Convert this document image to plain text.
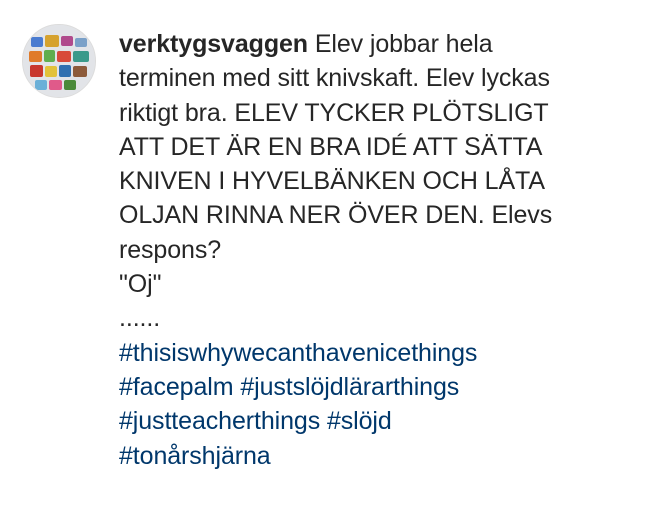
verktygsvaggen Elev jobbar hela
terminen med sitt knivskaft. Elev lyckas
riktigt bra. ELEV TYCKER PLÖTSLIGT
ATT DET ÄR EN BRA IDÉ ATT SÄTTA
KNIVEN I HYVELBÄNKEN OCH LÅTA
OLJAN RINNA NER ÖVER DEN. Elevs
respons?
"Oj"
......
#thisiswhywecanthavenicethings
#facepalm #justslöjdlärarthings
#justteacherthings #slöjd
#tonårshjärna
